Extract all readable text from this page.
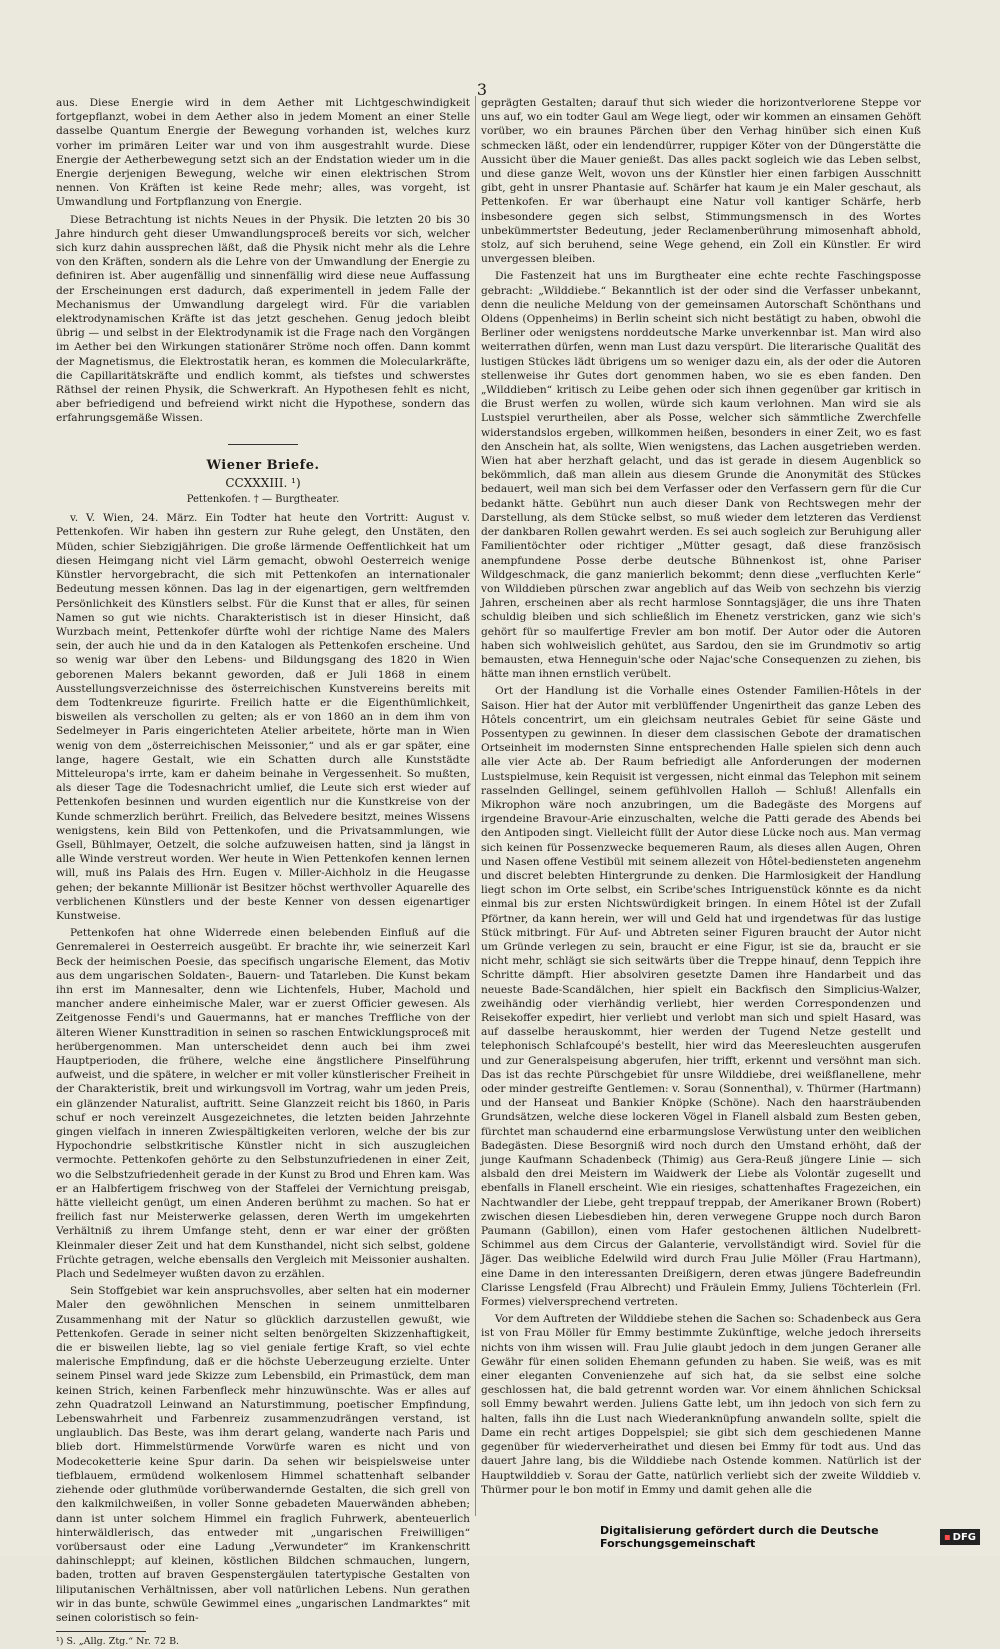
3

aus. Diese Energie wird in dem Aether mit Lichtgeschwindigkeit fortgepflanzt, wobei in dem Aether also in jedem Moment an einer Stelle dasselbe Quantum Energie der Bewegung vorhanden ist, welches kurz vorher im primären Leiter war und von ihm ausgestrahlt wurde. Diese Energie der Aetherbewegung setzt sich an der Endstation wieder um in die Energie derjenigen Bewegung, welche wir einen elektrischen Strom nennen. Von Kräften ist keine Rede mehr; alles, was vorgeht, ist Umwandlung und Fortpflanzung von Energie.

Diese Betrachtung ist nichts Neues in der Physik. Die letzten 20 bis 30 Jahre hindurch geht dieser Umwandlungsproceß bereits vor sich, welcher sich kurz dahin aussprechen läßt, daß die Physik nicht mehr als die Lehre von den Kräften, sondern als die Lehre von der Umwandlung der Energie zu definiren ist. Aber augenfällig und sinnenfällig wird diese neue Auffassung der Erscheinungen erst dadurch, daß experimentell in jedem Falle der Mechanismus der Umwandlung dargelegt wird. Für die variablen elektrodynamischen Kräfte ist das jetzt geschehen. Genug jedoch bleibt übrig — und selbst in der Elektrodynamik ist die Frage nach den Vorgängen im Aether bei den Wirkungen stationärer Ströme noch offen. Dann kommt der Magnetismus, die Elektrostatik heran, es kommen die Molecularkräfte, die Capillaritätskräfte und endlich kommt, als tiefstes und schwerstes Räthsel der reinen Physik, die Schwerkraft. An Hypothesen fehlt es nicht, aber befriedigend und befreiend wirkt nicht die Hypothese, sondern das erfahrungsgemäße Wissen.

Wiener Briefe.
CCXXXIII. ¹)
Pettenkofen. † — Burgtheater.

v. V. Wien, 24. März. Ein Todter hat heute den Vortritt: August v. Pettenkofen. Wir haben ihn gestern zur Ruhe gelegt, den Unstäten, den Müden, schier Siebzigjährigen. Die große lärmende Oeffentlichkeit hat um diesen Heimgang nicht viel Lärm gemacht, obwohl Oesterreich wenige Künstler hervorgebracht, die sich mit Pettenkofen an internationaler Bedeutung messen können. Das lag in der eigenartigen, gern weltfremden Persönlichkeit des Künstlers selbst. Für die Kunst that er alles, für seinen Namen so gut wie nichts. Charakteristisch ist in dieser Hinsicht, daß Wurzbach meint, Pettenkofer dürfte wohl der richtige Name des Malers sein, der auch hie und da in den Katalogen als Pettenkofen erscheine. Und so wenig war über den Lebens- und Bildungsgang des 1820 in Wien geborenen Malers bekannt geworden, daß er Juli 1868 in einem Ausstellungsverzeichnisse des österreichischen Kunstvereins bereits mit dem Todtenkreuze figurirte. Freilich hatte er die Eigenthümlichkeit, bisweilen als verschollen zu gelten; als er von 1860 an in dem ihm von Sedelmeyer in Paris eingerichteten Atelier arbeitete, hörte man in Wien wenig von dem „österreichischen Meissonier,“ und als er gar später, eine lange, hagere Gestalt, wie ein Schatten durch alle Kunststädte Mitteleuropa's irrte, kam er daheim beinahe in Vergessenheit. So mußten, als dieser Tage die Todesnachricht umlief, die Leute sich erst wieder auf Pettenkofen besinnen und wurden eigentlich nur die Kunstkreise von der Kunde schmerzlich berührt. Freilich, das Belvedere besitzt, meines Wissens wenigstens, kein Bild von Pettenkofen, und die Privatsammlungen, wie Gsell, Bühlmayer, Oetzelt, die solche aufzuweisen hatten, sind ja längst in alle Winde verstreut worden. Wer heute in Wien Pettenkofen kennen lernen will, muß ins Palais des Hrn. Eugen v. Miller-Aichholz in die Heugasse gehen; der bekannte Millionär ist Besitzer höchst werthvoller Aquarelle des verblichenen Künstlers und der beste Kenner von dessen eigenartiger Kunstweise.

Pettenkofen hat ohne Widerrede einen belebenden Einfluß auf die Genremalerei in Oesterreich ausgeübt. Er brachte ihr, wie seinerzeit Karl Beck der heimischen Poesie, das specifisch ungarische Element, das Motiv aus dem ungarischen Soldaten-, Bauern- und Tatarleben. Die Kunst bekam ihn erst im Mannesalter, denn wie Lichtenfels, Huber, Machold und mancher andere einheimische Maler, war er zuerst Officier gewesen. Als Zeitgenosse Fendi's und Gauermanns, hat er manches Treffliche von der älteren Wiener Kunsttradition in seinen so raschen Entwicklungsproceß mit herübergenommen. Man unterscheidet denn auch bei ihm zwei Hauptperioden, die frühere, welche eine ängstlichere Pinselführung aufweist, und die spätere, in welcher er mit voller künstlerischer Freiheit in der Charakteristik, breit und wirkungsvoll im Vortrag, wahr um jeden Preis, ein glänzender Naturalist, auftritt. Seine Glanzzeit reicht bis 1860, in Paris schuf er noch vereinzelt Ausgezeichnetes, die letzten beiden Jahrzehnte gingen vielfach in inneren Zwiespältigkeiten verloren, welche der bis zur Hypochondrie selbstkritische Künstler nicht in sich auszugleichen vermochte. Pettenkofen gehörte zu den Selbstunzufriedenen in einer Zeit, wo die Selbstzufriedenheit gerade in der Kunst zu Brod und Ehren kam. Was er an Halbfertigem frischweg von der Staffelei der Vernichtung preisgab, hätte vielleicht genügt, um einen Anderen berühmt zu machen. So hat er freilich fast nur Meisterwerke gelassen, deren Werth im umgekehrten Verhältniß zu ihrem Umfange steht, denn er war einer der größten Kleinmaler dieser Zeit und hat dem Kunsthandel, nicht sich selbst, goldene Früchte getragen, welche ebensalls den Vergleich mit Meissonier aushalten. Plach und Sedelmeyer wußten davon zu erzählen.

Sein Stoffgebiet war kein anspruchsvolles, aber selten hat ein moderner Maler den gewöhnlichen Menschen in seinem unmittelbaren Zusammenhang mit der Natur so glücklich darzustellen gewußt, wie Pettenkofen. Gerade in seiner nicht selten benörgelten Skizzenhaftigkeit, die er bisweilen liebte, lag so viel geniale fertige Kraft, so viel echte malerische Empfindung, daß er die höchste Ueberzeugung erzielte. Unter seinem Pinsel ward jede Skizze zum Lebensbild, ein Primastück, dem man keinen Strich, keinen Farbenfleck mehr hinzuwünschte. Was er alles auf zehn Quadratzoll Leinwand an Naturstimmung, poetischer Empfindung, Lebenswahrheit und Farbenreiz zusammenzudrängen verstand, ist unglaublich. Das Beste, was ihm derart gelang, wanderte nach Paris und blieb dort. Himmelstürmende Vorwürfe waren es nicht und von Modecoketterie keine Spur darin. Da sehen wir beispielsweise unter tiefblauem, ermüdend wolkenlosem Himmel schattenhaft selbander ziehende oder gluthmüde vorüberwandernde Gestalten, die sich grell von den kalkmilchweißen, in voller Sonne gebadeten Mauerwänden abheben; dann ist unter solchem Himmel ein fraglich Fuhrwerk, abenteuerlich hinterwäldlerisch, das entweder mit „ungarischen Freiwilligen“ vorübersaust oder eine Ladung „Verwundeter“ im Krankenschritt dahinschleppt; auf kleinen, köstlichen Bildchen schmauchen, lungern, baden, trotten auf braven Gespenstergäulen tatertypische Gestalten von liliputanischen Verhältnissen, aber voll natürlichen Lebens. Nun gerathen wir in das bunte, schwüle Gewimmel eines „ungarischen Landmarktes“ mit seinen coloristisch so fein-

¹) S. „Allg. Ztg.“ Nr. 72 B.

geprägten Gestalten; darauf thut sich wieder die horizontverlorene Steppe vor uns auf, wo ein todter Gaul am Wege liegt, oder wir kommen an einsamen Gehöft vorüber, wo ein braunes Pärchen über den Verhag hinüber sich einen Kuß schmecken läßt, oder ein lendendürrer, ruppiger Köter von der Düngerstätte die Aussicht über die Mauer genießt. Das alles packt sogleich wie das Leben selbst, und diese ganze Welt, wovon uns der Künstler hier einen farbigen Ausschnitt gibt, geht in unsrer Phantasie auf. Schärfer hat kaum je ein Maler geschaut, als Pettenkofen. Er war überhaupt eine Natur voll kantiger Schärfe, herb insbesondere gegen sich selbst, Stimmungsmensch in des Wortes unbekümmertster Bedeutung, jeder Reclamenberührung mimosenhaft abhold, stolz, auf sich beruhend, seine Wege gehend, ein Zoll ein Künstler. Er wird unvergessen bleiben.

Die Fastenzeit hat uns im Burgtheater eine echte rechte Faschingsposse gebracht: „Wilddiebe.“ Bekanntlich ist der oder sind die Verfasser unbekannt, denn die neuliche Meldung von der gemeinsamen Autorschaft Schönthans und Oldens (Oppenheims) in Berlin scheint sich nicht bestätigt zu haben, obwohl die Berliner oder wenigstens norddeutsche Marke unverkennbar ist. Man wird also weiterrathen dürfen, wenn man Lust dazu verspürt. Die literarische Qualität des lustigen Stückes lädt übrigens um so weniger dazu ein, als der oder die Autoren stellenweise ihr Gutes dort genommen haben, wo sie es eben fanden. Den „Wilddieben“ kritisch zu Leibe gehen oder sich ihnen gegenüber gar kritisch in die Brust werfen zu wollen, würde sich kaum verlohnen. Man wird sie als Lustspiel verurtheilen, aber als Posse, welcher sich sämmtliche Zwerchfelle widerstandslos ergeben, willkommen heißen, besonders in einer Zeit, wo es fast den Anschein hat, als sollte, Wien wenigstens, das Lachen ausgetrieben werden. Wien hat aber herzhaft gelacht, und das ist gerade in diesem Augenblick so bekömmlich, daß man allein aus diesem Grunde die Anonymität des Stückes bedauert, weil man sich bei dem Verfasser oder den Verfassern gern für die Cur bedankt hätte. Gebührt nun auch dieser Dank von Rechtswegen mehr der Darstellung, als dem Stücke selbst, so muß wieder dem letzteren das Verdienst der dankbaren Rollen gewahrt werden. Es sei auch sogleich zur Beruhigung aller Familientöchter oder richtiger „Mütter gesagt, daß diese französisch anempfundene Posse derbe deutsche Bühnenkost ist, ohne Pariser Wildgeschmack, die ganz manierlich bekommt; denn diese „verfluchten Kerle“ von Wilddieben pürschen zwar angeblich auf das Weib von sechzehn bis vierzig Jahren, erscheinen aber als recht harmlose Sonntagsjäger, die uns ihre Thaten schuldig bleiben und sich schließlich im Ehenetz verstricken, ganz wie sich's gehört für so maulfertige Frevler am bon motif. Der Autor oder die Autoren haben sich wohlweislich gehütet, aus Sardou, den sie im Grundmotiv so artig bemausten, etwa Henneguin'sche oder Najac'sche Consequenzen zu ziehen, bis hätte man ihnen ernstlich verübelt.

Ort der Handlung ist die Vorhalle eines Ostender Familien-Hôtels in der Saison. Hier hat der Autor mit verblüffender Ungenirtheit das ganze Leben des Hôtels concentrirt, um ein gleichsam neutrales Gebiet für seine Gäste und Possentypen zu gewinnen. In dieser dem classischen Gebote der dramatischen Ortseinheit im modernsten Sinne entsprechenden Halle spielen sich denn auch alle vier Acte ab. Der Raum befriedigt alle Anforderungen der modernen Lustspielmuse, kein Requisit ist vergessen, nicht einmal das Telephon mit seinem rasselnden Gellingel, seinem gefühlvollen Halloh — Schluß! Allenfalls ein Mikrophon wäre noch anzubringen, um die Badegäste des Morgens auf irgendeine Bravour-Arie einzuschalten, welche die Patti gerade des Abends bei den Antipoden singt. Vielleicht füllt der Autor diese Lücke noch aus. Man vermag sich keinen für Possenzwecke bequemeren Raum, als dieses allen Augen, Ohren und Nasen offene Vestibül mit seinem allezeit von Hôtel-bediensteten angenehm und discret belebten Hintergrunde zu denken. Die Harmlosigkeit der Handlung liegt schon im Orte selbst, ein Scribe'sches Intriguenstück könnte es da nicht einmal bis zur ersten Nichtswürdigkeit bringen. In einem Hôtel ist der Zufall Pförtner, da kann herein, wer will und Geld hat und irgendetwas für das lustige Stück mitbringt. Für Auf- und Abtreten seiner Figuren braucht der Autor nicht um Gründe verlegen zu sein, braucht er eine Figur, ist sie da, braucht er sie nicht mehr, schlägt sie sich seitwärts über die Treppe hinauf, denn Teppich ihre Schritte dämpft. Hier absolviren gesetzte Damen ihre Handarbeit und das neueste Bade-Scandälchen, hier spielt ein Backfisch den Simplicius-Walzer, zweihändig oder vierhändig verliebt, hier werden Correspondenzen und Reisekoffer expedirt, hier verliebt und verlobt man sich und spielt Hasard, was auf dasselbe herauskommt, hier werden der Tugend Netze gestellt und telephonisch Schlafcoupé's bestellt, hier wird das Meeresleuchten ausgerufen und zur Generalspeisung abgerufen, hier trifft, erkennt und versöhnt man sich. Das ist das rechte Pürschgebiet für unsre Wilddiebe, drei weißflanellene, mehr oder minder gestreifte Gentlemen: v. Sorau (Sonnenthal), v. Thürmer (Hartmann) und der Hanseat und Bankier Knöpke (Schöne). Nach den haarsträubenden Grundsätzen, welche diese lockeren Vögel in Flanell alsbald zum Besten geben, fürchtet man schaudernd eine erbarmungslose Verwüstung unter den weiblichen Badegästen. Diese Besorgniß wird noch durch den Umstand erhöht, daß der junge Kaufmann Schadenbeck (Thimig) aus Gera-Reuß jüngere Linie — sich alsbald den drei Meistern im Waidwerk der Liebe als Volontär zugesellt und ebenfalls in Flanell erscheint. Wie ein riesiges, schattenhaftes Fragezeichen, ein Nachtwandler der Liebe, geht treppauf treppab, der Amerikaner Brown (Robert) zwischen diesen Liebesdieben hin, deren verwegene Gruppe noch durch Baron Paumann (Gabillon), einen vom Hafer gestochenen ältlichen Nudelbrett-Schimmel aus dem Circus der Galanterie, vervollständigt wird. Soviel für die Jäger. Das weibliche Edelwild wird durch Frau Julie Möller (Frau Hartmann), eine Dame in den interessanten Dreißigern, deren etwas jüngere Badefreundin Clarisse Lengsfeld (Frau Albrecht) und Fräulein Emmy, Juliens Töchterlein (Frl. Formes) vielversprechend vertreten.

Vor dem Auftreten der Wilddiebe stehen die Sachen so: Schadenbeck aus Gera ist von Frau Möller für Emmy bestimmte Zukünftige, welche jedoch ihrerseits nichts von ihm wissen will. Frau Julie glaubt jedoch in dem jungen Geraner alle Gewähr für einen soliden Ehemann gefunden zu haben. Sie weiß, was es mit einer eleganten Convenienzehe auf sich hat, da sie selbst eine solche geschlossen hat, die bald getrennt worden war. Vor einem ähnlichen Schicksal soll Emmy bewahrt werden. Juliens Gatte lebt, um ihn jedoch von sich fern zu halten, falls ihn die Lust nach Wiederanknüpfung anwandeln sollte, spielt die Dame ein recht artiges Doppelspiel; sie gibt sich dem geschiedenen Manne gegenüber für wiederverheirathet und diesen bei Emmy für todt aus. Und das dauert Jahre lang, bis die Wilddiebe nach Ostende kommen. Natürlich ist der Hauptwilddieb v. Sorau der Gatte, natürlich verliebt sich der zweite Wilddieb v. Thürmer pour le bon motif in Emmy und damit gehen alle die

Digitalisierung gefördert durch die Deutsche Forschungsgemeinschaft	▪ DFG
